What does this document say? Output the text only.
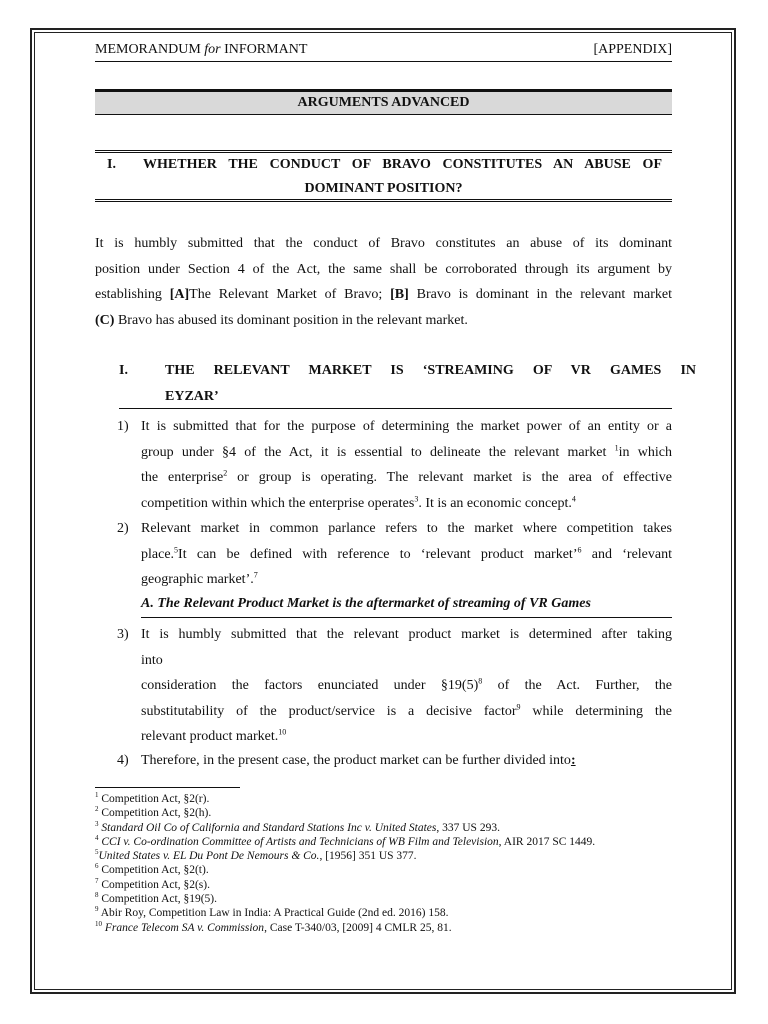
MEMORANDUM for INFORMANT	[APPENDIX]
ARGUMENTS ADVANCED
I. WHETHER THE CONDUCT OF BRAVO CONSTITUTES AN ABUSE OF
DOMINANT POSITION?
It is humbly submitted that the conduct of Bravo constitutes an abuse of its dominant
position under Section 4 of the Act, the same shall be corroborated through its argument by
establishing [A]The Relevant Market of Bravo; [B] Bravo is dominant in the relevant market
(C) Bravo has abused its dominant position in the relevant market.
I.	THE RELEVANT MARKET IS ‘STREAMING OF VR GAMES IN
EYZAR’
1) It is submitted that for the purpose of determining the market power of an entity or a
group under §4 of the Act, it is essential to delineate the relevant market $^1$in which
the enterprise$^2$ or group is operating. The relevant market is the area of effective
competition within which the enterprise operates$^3$. It is an economic concept.$^4$
2) Relevant market in common parlance refers to the market where competition takes
place.$^5$It can be defined with reference to ‘relevant product market’$^6$ and ‘relevant
geographic market’.$^7$
A. The Relevant Product Market is the aftermarket of streaming of VR Games
3) It is humbly submitted that the relevant product market is determined after taking
into
consideration the factors enunciated under $\S 19(5)^8$ of the Act. Further, the
substitutability of the product/service is a decisive factor$^9$ while determining the
relevant product market.$^{10}$
4) Therefore, in the present case, the product market can be further divided into:
$^1$ Competition Act, §2(r).
$^2$ Competition Act, §2(h).
$^3$ Standard Oil Co of California and Standard Stations Inc v. United States, 337 US 293.
$^4$ CCI v. Co-ordination Committee of Artists and Technicians of WB Film and Television, AIR 2017 SC 1449.
$^5$United States v. EL Du Pont De Nemours & Co., [1956] 351 US 377.
$^6$ Competition Act, §2(t).
$^7$ Competition Act, §2(s).
$^8$ Competition Act, §19(5).
$^9$ Abir Roy, Competition Law in India: A Practical Guide (2nd ed. 2016) 158.
$^{10}$ France Telecom SA v. Commission, Case T-340/03, [2009] 4 CMLR 25, 81.
